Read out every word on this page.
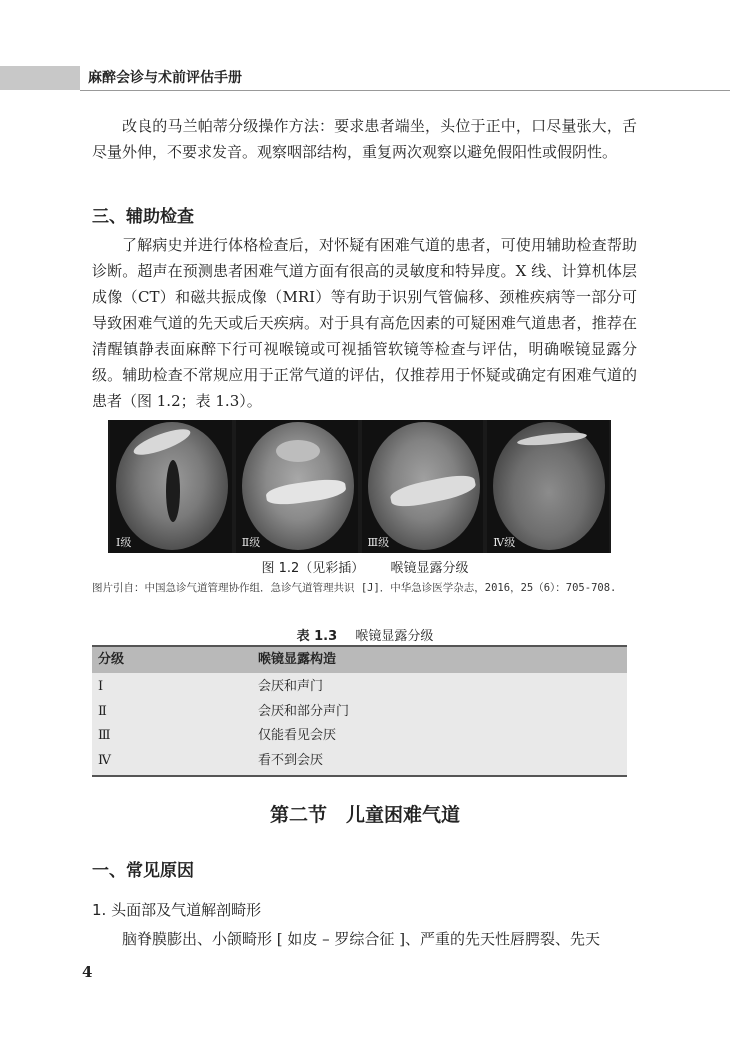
麻醉会诊与术前评估手册

改良的马兰帕蒂分级操作方法：要求患者端坐，头位于正中，口尽量张大，舌尽量外伸，不要求发音。观察咽部结构，重复两次观察以避免假阳性或假阴性。

三、辅助检查

了解病史并进行体格检查后，对怀疑有困难气道的患者，可使用辅助检查帮助诊断。超声在预测患者困难气道方面有很高的灵敏度和特异度。X 线、计算机体层成像（CT）和磁共振成像（MRI）等有助于识别气管偏移、颈椎疾病等一部分可导致困难气道的先天或后天疾病。对于具有高危因素的可疑困难气道患者，推荐在清醒镇静表面麻醉下行可视喉镜或可视插管软镜等检查与评估，明确喉镜显露分级。辅助检查不常规应用于正常气道的评估，仅推荐用于怀疑或确定有困难气道的患者（图 1.2；表 1.3）。

Ⅰ级	Ⅱ级	Ⅲ级	Ⅳ级
图 1.2（见彩插） 喉镜显露分级
图片引自：中国急诊气道管理协作组．急诊气道管理共识 [J]．中华急诊医学杂志，2016，25（6）：705-708.
表 1.3 喉镜显露分级
分级	喉镜显露构造
Ⅰ	会厌和声门
Ⅱ	会厌和部分声门
Ⅲ	仅能看见会厌
Ⅳ	看不到会厌
第二节　儿童困难气道
一、常见原因
1. 头面部及气道解剖畸形

脑脊膜膨出、小颌畸形 [ 如皮 – 罗综合征 ]、严重的先天性唇腭裂、先天

4
